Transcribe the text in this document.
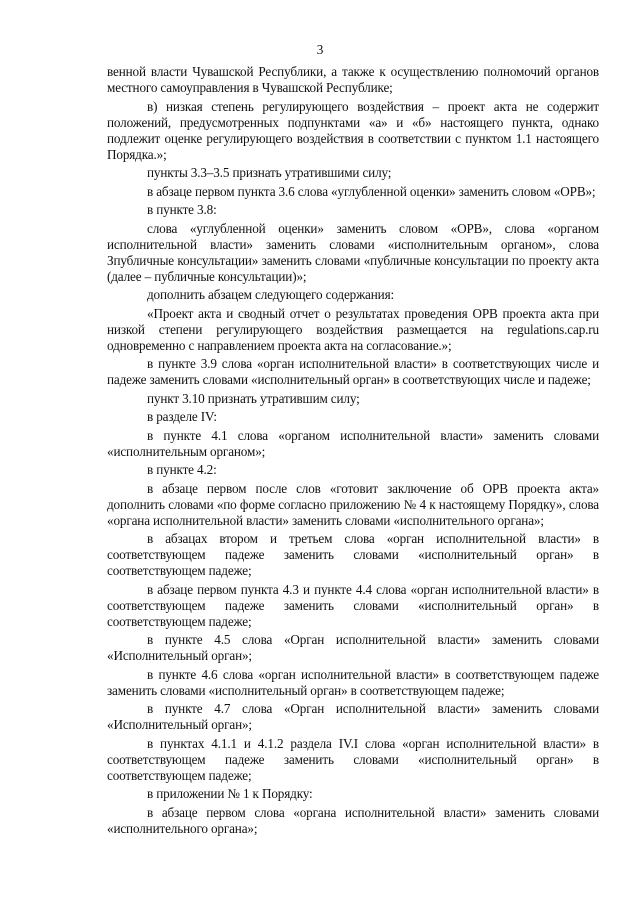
3

венной власти Чувашской Республики, а также к осуществлению полномочий органов местного самоуправления в Чувашской Республике;

в) низкая степень регулирующего воздействия – проект акта не содержит положений, предусмотренных подпунктами «а» и «б» настоящего пункта, однако подлежит оценке регулирующего воздействия в соответствии с пунктом 1.1 настоящего Порядка.»;

пункты 3.3–3.5 признать утратившими силу;

в абзаце первом пункта 3.6 слова «углубленной оценки» заменить словом «ОРВ»;

в пункте 3.8:

слова «углубленной оценки» заменить словом «ОРВ», слова «органом исполнительной власти» заменить словами «исполнительным органом», слова Зпубличные консультации» заменить словами «публичные консультации по проекту акта (далее – публичные консультации)»;

дополнить абзацем следующего содержания:

«Проект акта и сводный отчет о результатах проведения ОРВ проекта акта при низкой степени регулирующего воздействия размещается на regulations.cap.ru одновременно с направлением проекта акта на согласование.»;

в пункте 3.9 слова «орган исполнительной власти» в соответствующих числе и падеже заменить словами «исполнительный орган» в соответствующих числе и падеже;

пункт 3.10 признать утратившим силу;

в разделе IV:

в пункте 4.1 слова «органом исполнительной власти» заменить словами «исполнительным органом»;

в пункте 4.2:

в абзаце первом после слов «готовит заключение об ОРВ проекта акта» дополнить словами «по форме согласно приложению № 4 к настоящему Порядку», слова «органа исполнительной власти» заменить словами «исполнительного органа»;

в абзацах втором и третьем слова «орган исполнительной власти» в соответствующем падеже заменить словами «исполнительный орган» в соответствующем падеже;

в абзаце первом пункта 4.3 и пункте 4.4 слова «орган исполнительной власти» в соответствующем падеже заменить словами «исполнительный орган» в соответствующем падеже;

в пункте 4.5 слова «Орган исполнительной власти» заменить словами «Исполнительный орган»;

в пункте 4.6 слова «орган исполнительной власти» в соответствующем падеже заменить словами «исполнительный орган» в соответствующем падеже;

в пункте 4.7 слова «Орган исполнительной власти» заменить словами «Исполнительный орган»;

в пунктах 4.1.1 и 4.1.2 раздела IV.I слова «орган исполнительной власти» в соответствующем падеже заменить словами «исполнительный орган» в соответствующем падеже;

в приложении № 1 к Порядку:

в абзаце первом слова «органа исполнительной власти» заменить словами «исполнительного органа»;
